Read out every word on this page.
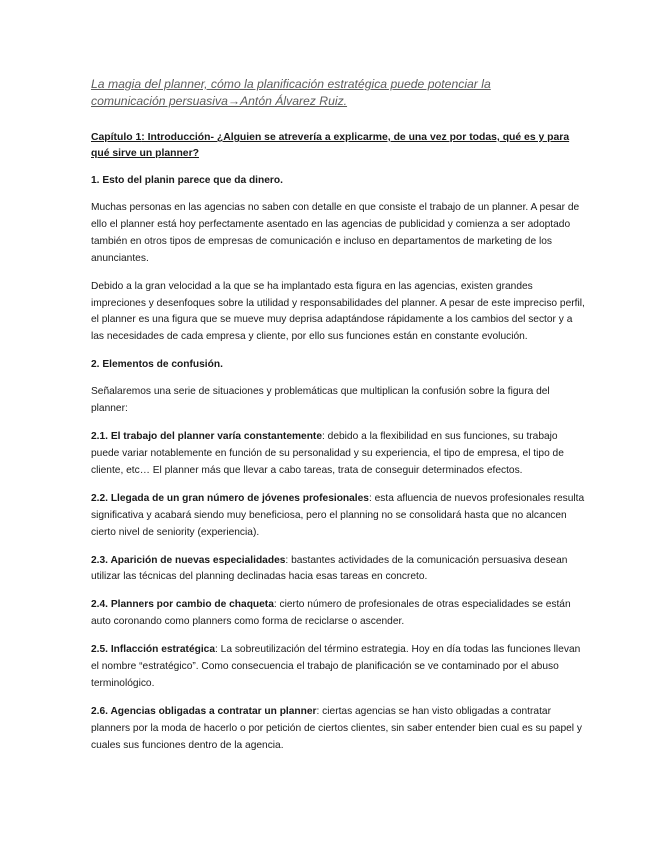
La magia del planner, cómo la planificación estratégica puede potenciar la
comunicación persuasiva→Antón Álvarez Ruiz.
Capítulo 1: Introducción- ¿Alguien se atrevería a explicarme, de una vez por todas, qué es y para qué sirve un planner?
1. Esto del planin parece que da dinero.

Muchas personas en las agencias no saben con detalle en que consiste el trabajo de un planner. A pesar de ello el planner está hoy perfectamente asentado en las agencias de publicidad y comienza a ser adoptado también en otros tipos de empresas de comunicación e incluso en departamentos de marketing de los anunciantes.

Debido a la gran velocidad a la que se ha implantado esta figura en las agencias, existen grandes impreciones y desenfoques sobre la utilidad y responsabilidades del planner. A pesar de este impreciso perfil, el planner es una figura que se mueve muy deprisa adaptándose rápidamente a los cambios del sector y a las necesidades de cada empresa y cliente, por ello sus funciones están en constante evolución.

2. Elementos de confusión.

Señalaremos una serie de situaciones y problemáticas que multiplican la confusión sobre la figura del planner:

2.1. El trabajo del planner varía constantemente: debido a la flexibilidad en sus funciones, su trabajo puede variar notablemente en función de su personalidad y su experiencia, el tipo de empresa, el tipo de cliente, etc… El planner más que llevar a cabo tareas, trata de conseguir determinados efectos.

2.2. Llegada de un gran número de jóvenes profesionales: esta afluencia de nuevos profesionales resulta significativa y acabará siendo muy beneficiosa, pero el planning no se consolidará hasta que no alcancen cierto nivel de seniority (experiencia).

2.3. Aparición de nuevas especialidades: bastantes actividades de la comunicación persuasiva desean utilizar las técnicas del planning declinadas hacia esas tareas en concreto.

2.4. Planners por cambio de chaqueta: cierto número de profesionales de otras especialidades se están auto coronando como planners como forma de reciclarse o ascender.

2.5. Inflacción estratégica: La sobreutilización del término estrategia. Hoy en día todas las funciones llevan el nombre “estratégico”. Como consecuencia el trabajo de planificación se ve contaminado por el abuso terminológico.

2.6. Agencias obligadas a contratar un planner: ciertas agencias se han visto obligadas a contratar planners por la moda de hacerlo o por petición de ciertos clientes, sin saber entender bien cual es su papel y cuales sus funciones dentro de la agencia.
